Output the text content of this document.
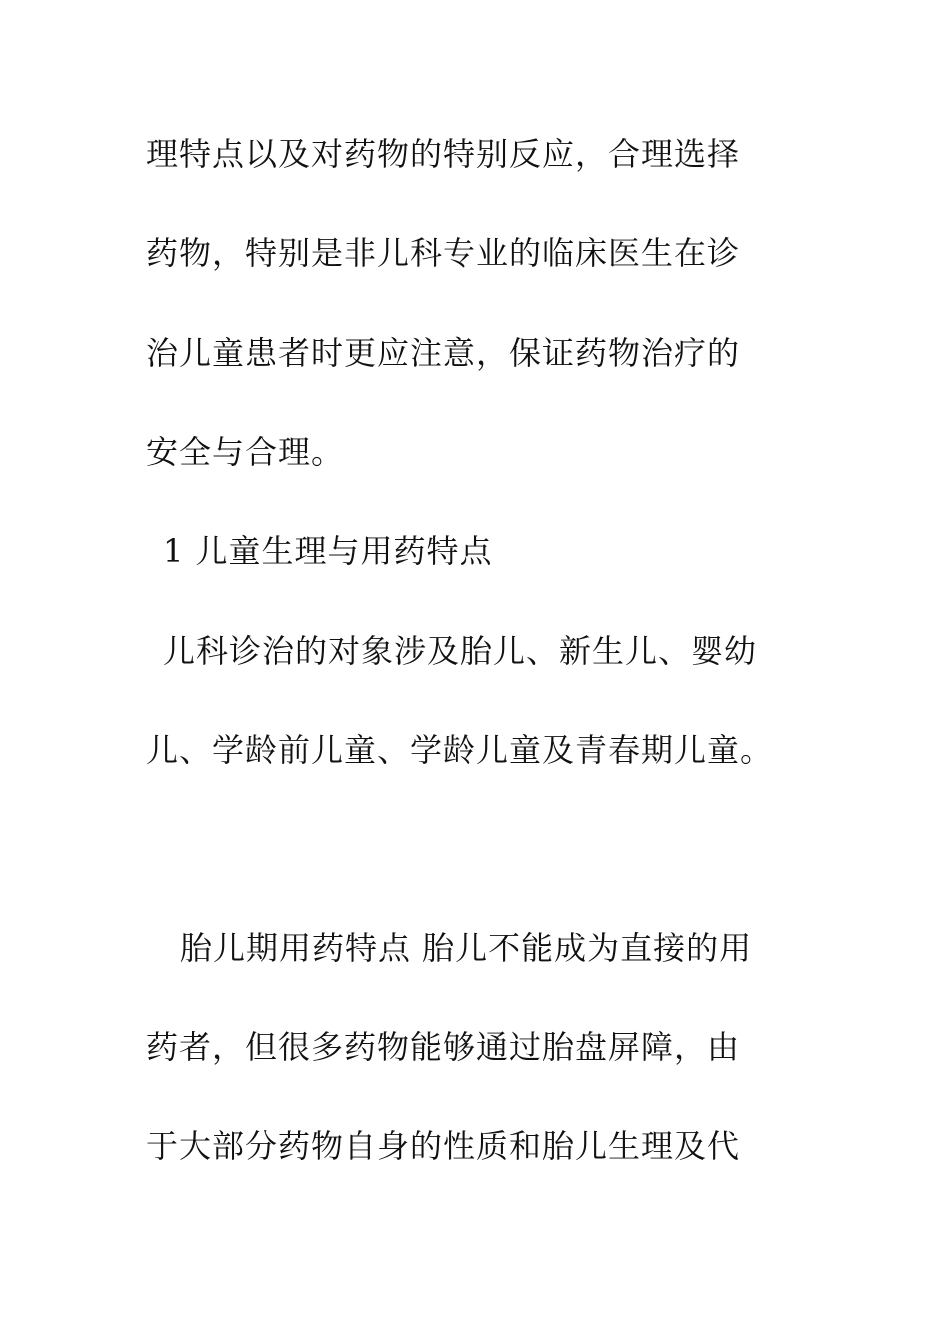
理特点以及对药物的特别反应，合理选择
药物，特别是非儿科专业的临床医生在诊
治儿童患者时更应注意，保证药物治疗的
安全与合理。
1 儿童生理与用药特点
儿科诊治的对象涉及胎儿、新生儿、婴幼
儿、学龄前儿童、学龄儿童及青春期儿童。
胎儿期用药特点 胎儿不能成为直接的用
药者，但很多药物能够通过胎盘屏障，由
于大部分药物自身的性质和胎儿生理及代
